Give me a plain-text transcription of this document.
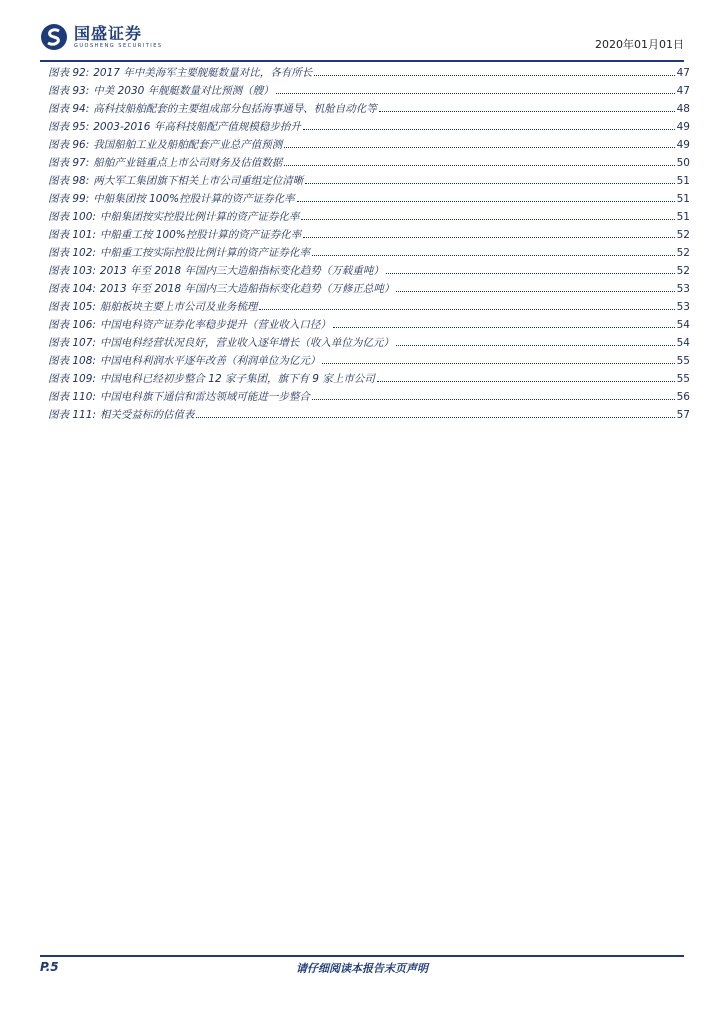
国盛证券
GUOSHENG SECURITIES	2020年01月01日
图表 92: 2017 年中美海军主要舰艇数量对比，各有所长	47
图表 93: 中美 2030 年舰艇数量对比预测（艘）	47
图表 94: 高科技船舶配套的主要组成部分包括海事通导、机舱自动化等	48
图表 95: 2003-2016 年高科技船配产值规模稳步抬升	49
图表 96: 我国船舶工业及船舶配套产业总产值预测	49
图表 97: 船舶产业链重点上市公司财务及估值数据	50
图表 98: 两大军工集团旗下相关上市公司重组定位清晰	51
图表 99: 中船集团按 100%控股计算的资产证券化率	51
图表 100: 中船集团按实控股比例计算的资产证券化率	51
图表 101: 中船重工按 100%控股计算的资产证券化率	52
图表 102: 中船重工按实际控股比例计算的资产证券化率	52
图表 103: 2013 年至 2018 年国内三大造船指标变化趋势（万载重吨）	52
图表 104: 2013 年至 2018 年国内三大造船指标变化趋势（万修正总吨）	53
图表 105: 船舶板块主要上市公司及业务梳理	53
图表 106: 中国电科资产证券化率稳步提升（营业收入口径）	54
图表 107: 中国电科经营状况良好，营业收入逐年增长（收入单位为亿元）	54
图表 108: 中国电科利润水平逐年改善（利润单位为亿元）	55
图表 109: 中国电科已经初步整合 12 家子集团，旗下有 9 家上市公司	55
图表 110: 中国电科旗下通信和雷达领域可能进一步整合	56
图表 111: 相关受益标的估值表	57
P.5	请仔细阅读本报告末页声明
